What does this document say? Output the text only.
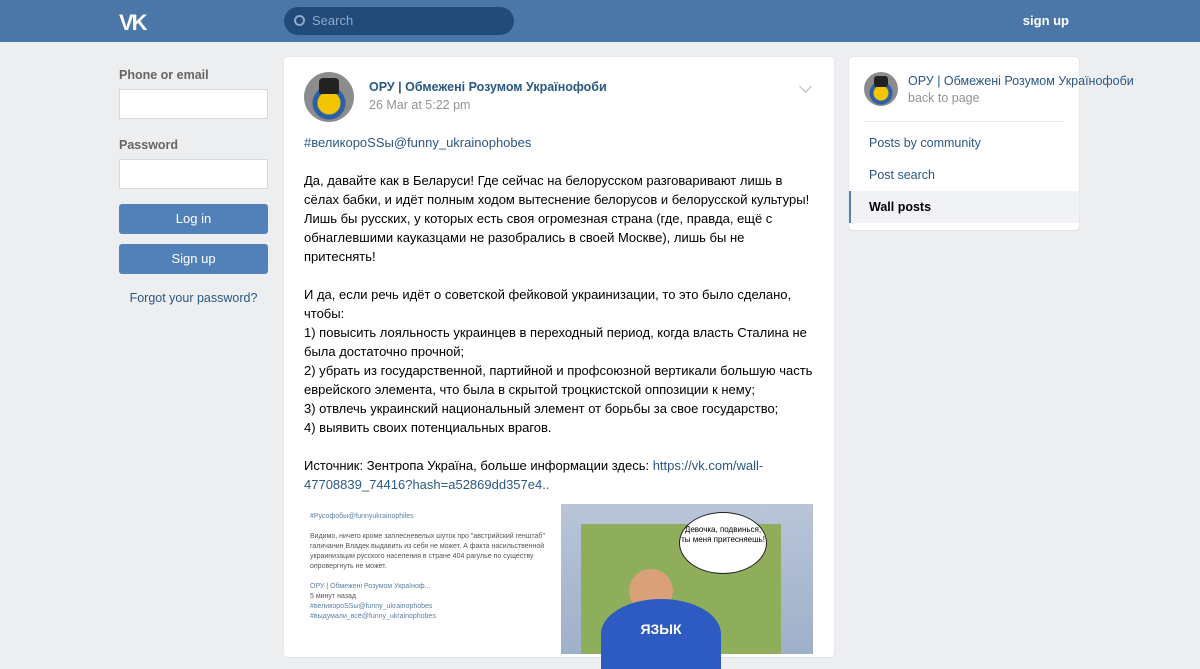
VK	Search	sign up
Phone or email
Password
Log in
Sign up
Forgot your password?
ОРУ | Обмежені Розумом Українофоби
26 Mar at 5:22 pm
#великороSSы@funny_ukrainophobes

Да, давайте как в Беларуси! Где сейчас на белорусском разговаривают лишь в сёлах бабки, и идёт полным ходом вытеснение белорусов и белорусской культуры! Лишь бы русских, у которых есть своя огромезная страна (где, правда, ещё с обнаглевшими кауказцами не разобрались в своей Москве), лишь бы не притеснять!

И да, если речь идёт о советской фейковой украинизации, то это было сделано, чтобы:
1) повысить лояльность украинцев в переходный период, когда власть Сталина не была достаточно прочной;
2) убрать из государственной, партийной и профсоюзной вертикали большую часть еврейского элемента, что была в скрытой троцкистской оппозиции к нему;
3) отвлечь украинский национальный элемент от борьбы за свое государство;
4) выявить своих потенциальных врагов.

Источник: Зентропа Україна, больше информации здесь: https://vk.com/wall-47708839_74416?hash=a52869dd357e4..
#Русофобы@funnyukrainophiles

Видимо, ничего кроме заплесневелых шуток про "австрийский генштаб" галичанин Владек выдавить из себя не может. А факта насильственной украинизации русского населения в стране 404 рагулье по существу опровергнуть не может.

ОРУ | Обмежені Розумом Україноф...
5 минут назад
#великороSSы@funny_ukrainophobes
#выдумали_всё@funny_ukrainophobes
ЯЗЫК
Девочка, подвинься, ты меня притесняешь!
ОРУ | Обмежені Розумом Українофоби
back to page
Posts by community
Post search
Wall posts
